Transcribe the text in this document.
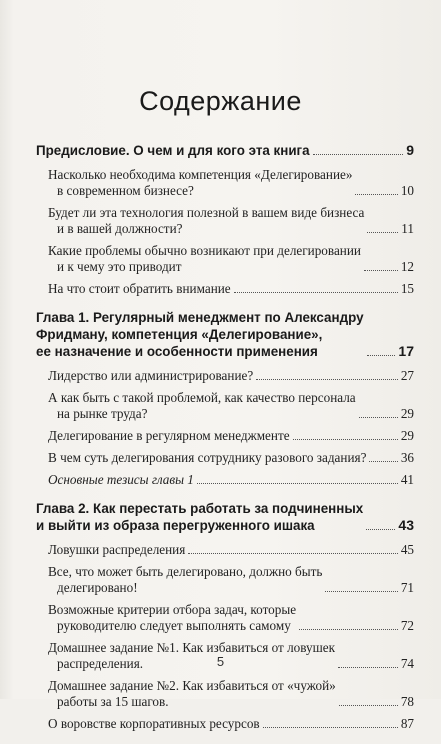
Содержание
Предисловие. О чем и для кого эта книга	9
Насколько необходима компетенция «Делегирование»
в современном бизнесе?	10
Будет ли эта технология полезной в вашем виде бизнеса
и в вашей должности?	11
Какие проблемы обычно возникают при делегировании
и к чему это приводит	12
На что стоит обратить внимание	15
Глава 1. Регулярный менеджмент по Александру
Фридману, компетенция «Делегирование»,
ее назначение и особенности применения	17
Лидерство или администрирование?	27
А как быть с такой проблемой, как качество персонала
на рынке труда?	29
Делегирование в регулярном менеджменте	29
В чем суть делегирования сотруднику разового задания?	36
Основные тезисы главы 1	41
Глава 2. Как перестать работать за подчиненных
и выйти из образа перегруженного ишака	43
Ловушки распределения	45
Все, что может быть делегировано, должно быть
делегировано!	71
Возможные критерии отбора задач, которые
руководителю следует выполнять самому	72
Домашнее задание №1. Как избавиться от ловушек
распределения.	74
Домашнее задание №2. Как избавиться от «чужой»
работы за 15 шагов.	78
О воровстве корпоративных ресурсов	87
5
